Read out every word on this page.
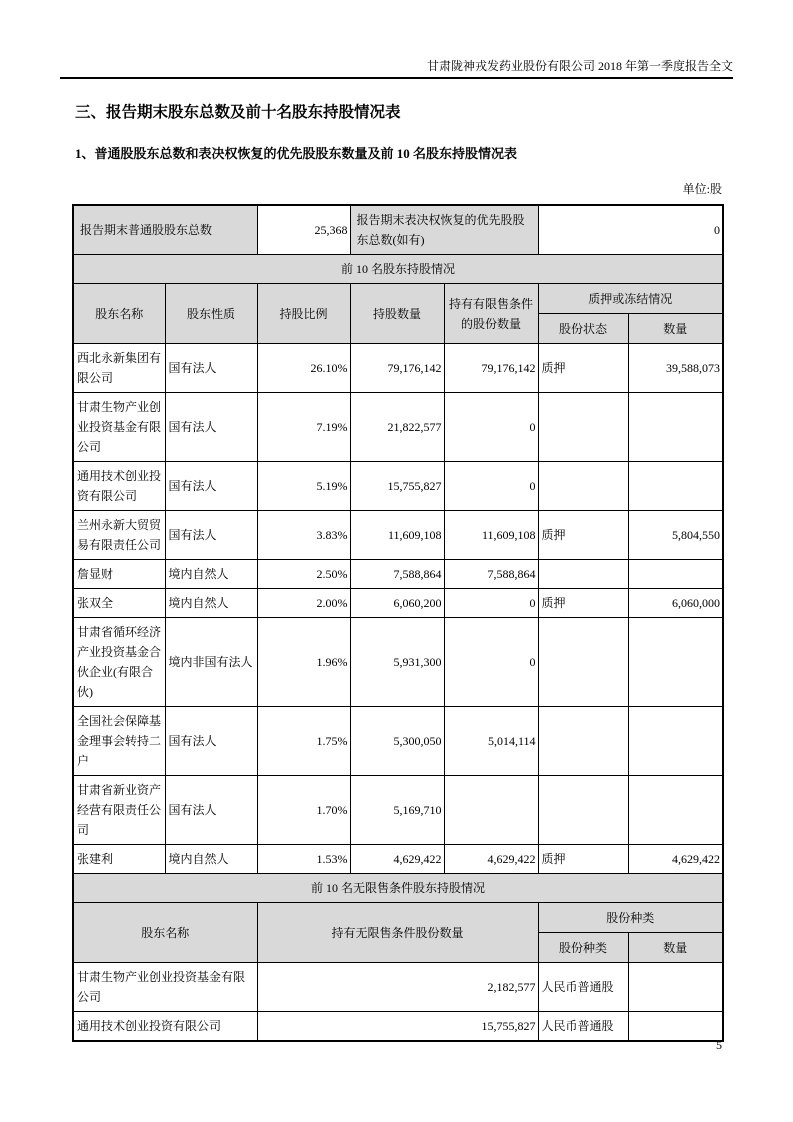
甘肃陇神戎发药业股份有限公司 2018 年第一季度报告全文
三、报告期末股东总数及前十名股东持股情况表
1、普通股股东总数和表决权恢复的优先股股东数量及前 10 名股东持股情况表
单位:股
报告期末普通股股东总数		25,368	报告期末表决权恢复的优先股股东总数(如有)		0	
前 10 名股东持股情况						
股东名称	股东性质	持股比例	持股数量	持有有限售条件的股份数量	质押或冻结情况	
					股份状态	数量
西北永新集团有限公司	国有法人	26.10%	79,176,142	79,176,142	质押	39,588,073
甘肃生物产业创业投资基金有限公司	国有法人	7.19%	21,822,577	0		
通用技术创业投资有限公司	国有法人	5.19%	15,755,827	0		
兰州永新大贸贸易有限责任公司	国有法人	3.83%	11,609,108	11,609,108	质押	5,804,550
詹显财	境内自然人	2.50%	7,588,864	7,588,864		
张双全	境内自然人	2.00%	6,060,200	0	质押	6,060,000
甘肃省循环经济产业投资基金合伙企业(有限合伙)	境内非国有法人	1.96%	5,931,300	0		
全国社会保障基金理事会转持二户	国有法人	1.75%	5,300,050	5,014,114		
甘肃省新业资产经营有限责任公司	国有法人	1.70%	5,169,710			
张建利	境内自然人	1.53%	4,629,422	4,629,422	质押	4,629,422
前 10 名无限售条件股东持股情况						
股东名称		持有无限售条件股份数量			股份种类	
					股份种类	数量
甘肃生物产业创业投资基金有限公司		2,182,577			人民币普通股	
通用技术创业投资有限公司		15,755,827			人民币普通股	
5
